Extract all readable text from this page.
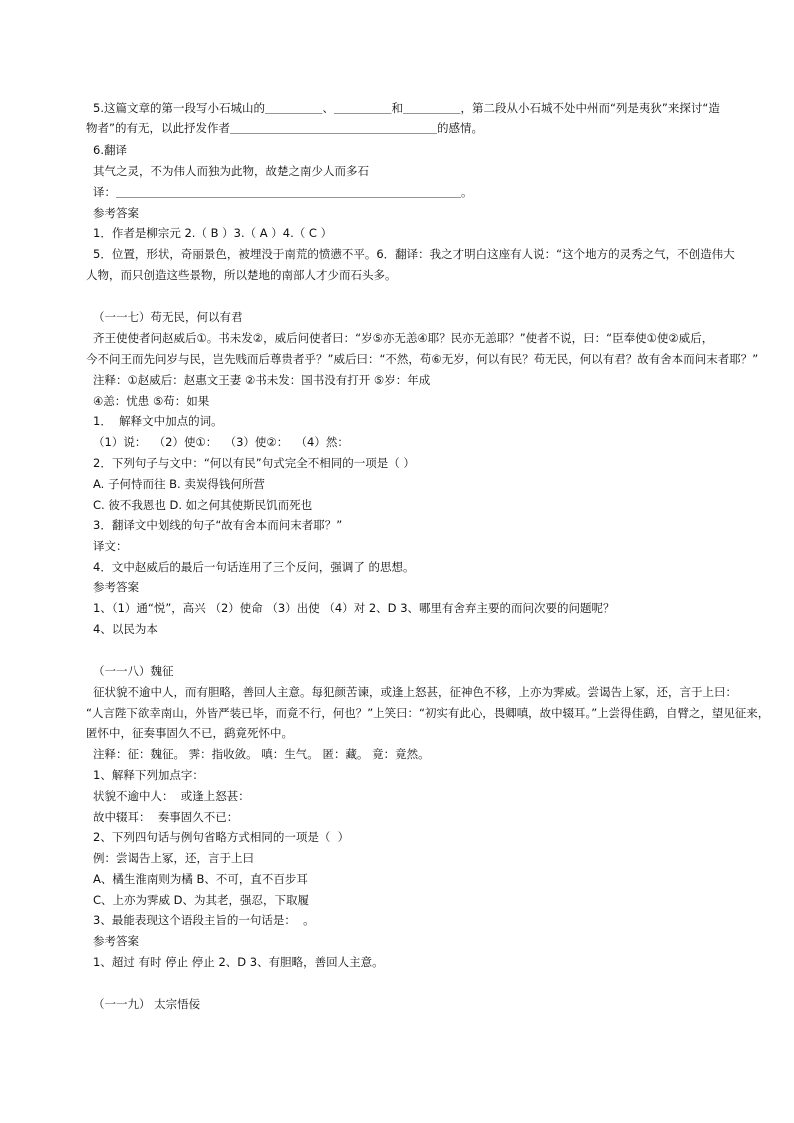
5.这篇文章的第一段写小石城山的＿＿＿＿＿、＿＿＿＿＿和＿＿＿＿＿，第二段从小石城不处中州而“列是夷狄”来探讨“造
物者”的有无，以此抒发作者＿＿＿＿＿＿＿＿＿＿＿＿＿＿＿＿＿＿的感情。
6.翻译
其气之灵，不为伟人而独为此物，故楚之南少人而多石
译：＿＿＿＿＿＿＿＿＿＿＿＿＿＿＿＿＿＿＿＿＿＿＿＿＿＿＿＿＿＿。
参考答案
1．作者是柳宗元 2.（ B ）3.（ A ）4.（ C ）
5．位置，形状，奇丽景色，被埋没于南荒的愤懑不平。6．翻译：我之才明白这座有人说：“这个地方的灵秀之气，不创造伟大
人物，而只创造这些景物，所以楚地的南部人才少而石头多。
（一一七）苟无民，何以有君
齐王使使者问赵威后①。书未发②，威后问使者曰：“岁⑤亦无恙④耶？民亦无恙耶？”使者不说，曰：“臣奉使①使②威后，
今不问王而先问岁与民，岂先贱而后尊贵者乎？”威后曰：“不然，苟⑥无岁，何以有民？苟无民，何以有君？故有舍本而问末者耶？”
注释：①赵威后：赵惠文王妻 ②书未发：国书没有打开 ⑤岁：年成
④恙：忧患 ⑤苟：如果
1．  解释文中加点的词。
（1）说：  （2）使①：  （3）使②：  （4）然：
2．下列句子与文中：“何以有民”句式完全不相同的一项是（ ）
A. 子何恃而往 B. 卖炭得钱何所营
C. 彼不我恩也 D. 如之何其使斯民饥而死也
3．翻译文中划线的句子“故有舍本而问末者耶？”
译文：
4．文中赵威后的最后一句话连用了三个反问，强调了 的思想。
参考答案
1、（1）通“悦”，高兴 （2）使命 （3）出使 （4）对 2、D 3、哪里有舍弃主要的而问次要的问题呢？
4、以民为本
（一一八）魏征
征状貌不逾中人，而有胆略，善回人主意。每犯颜苦谏，或逢上怒甚，征神色不移，上亦为霁威。尝谒告上冢，还，言于上曰：
“人言陛下欲幸南山，外皆严装已毕，而竟不行，何也？”上笑曰：“初实有此心，畏卿嗔，故中辍耳。”上尝得佳鹞，自臂之，望见征来，
匿怀中，征奏事固久不已，鹞竟死怀中。
注释：征：魏征。 霁：指收敛。 嗔：生气。 匿：藏。 竟：竟然。
1、解释下列加点字：
状貌不逾中人：  或逢上怒甚：
故中辍耳：  奏事固久不已：
2、下列四句话与例句省略方式相同的一项是（  ）
例：尝谒告上冢，还，言于上曰
A、橘生淮南则为橘 B、不可，直不百步耳
C、上亦为霁威 D、为其老，强忍，下取履
3、最能表现这个语段主旨的一句话是：  。
参考答案
1、超过 有时 停止 停止 2、D 3、有胆略，善回人主意。
（一一九） 太宗悟佞
